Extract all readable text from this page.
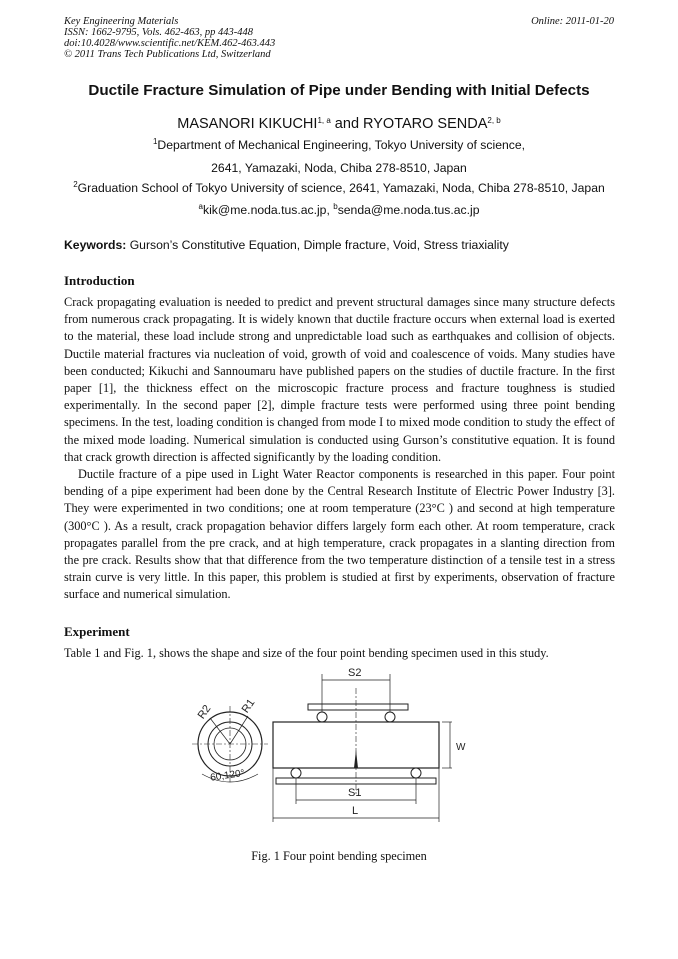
Key Engineering Materials
ISSN: 1662-9795, Vols. 462-463, pp 443-448
doi:10.4028/www.scientific.net/KEM.462-463.443
© 2011 Trans Tech Publications Ltd, Switzerland
Online: 2011-01-20
Ductile Fracture Simulation of Pipe under Bending with Initial Defects
MASANORI KIKUCHI$^{1, a}$ and RYOTARO SENDA$^{2, b}$
$^1$Department of Mechanical Engineering, Tokyo University of science,
2641, Yamazaki, Noda, Chiba 278-8510, Japan
$^2$Graduation School of Tokyo University of science, 2641, Yamazaki, Noda, Chiba 278-8510, Japan
$^a$kik@me.noda.tus.ac.jp, $^b$senda@me.noda.tus.ac.jp
Keywords: Gurson’s Constitutive Equation, Dimple fracture, Void, Stress triaxiality
Introduction

Crack propagating evaluation is needed to predict and prevent structural damages since many structure defects from numerous crack propagating. It is widely known that ductile fracture occurs when external load is exerted to the material, these load include strong and unpredictable load such as earthquakes and collision of objects. Ductile material fractures via nucleation of void, growth of void and coalescence of voids. Many studies have been conducted; Kikuchi and Sannoumaru have published papers on the studies of ductile fracture. In the first paper [1], the thickness effect on the microscopic fracture process and fracture toughness is studied experimentally. In the second paper [2], dimple fracture tests were performed using three point bending specimens. In the test, loading condition is changed from mode I to mixed mode condition to study the effect of the mixed mode loading. Numerical simulation is conducted using Gurson’s constitutive equation. It is found that crack growth direction is affected significantly by the loading condition.

Ductile fracture of a pipe used in Light Water Reactor components is researched in this paper. Four point bending of a pipe experiment had been done by the Central Research Institute of Electric Power Industry [3]. They were experimented in two conditions; one at room temperature (23°C ) and second at high temperature (300°C ). As a result, crack propagation behavior differs largely form each other. At room temperature, crack propagates parallel from the pre crack, and at high temperature, crack propagates in a slanting direction from the pre crack. Results show that that difference from the two temperature distinction of a tensile test in a stress strain curve is very little. In this paper, this problem is studied at first by experiments, observation of fracture surface and numerical simulation.

Experiment
Table 1 and Fig. 1, shows the shape and size of the four point bending specimen used in this study.
R2 R1
60,120°
S2
W
S1
L
Fig. 1 Four point bending specimen
